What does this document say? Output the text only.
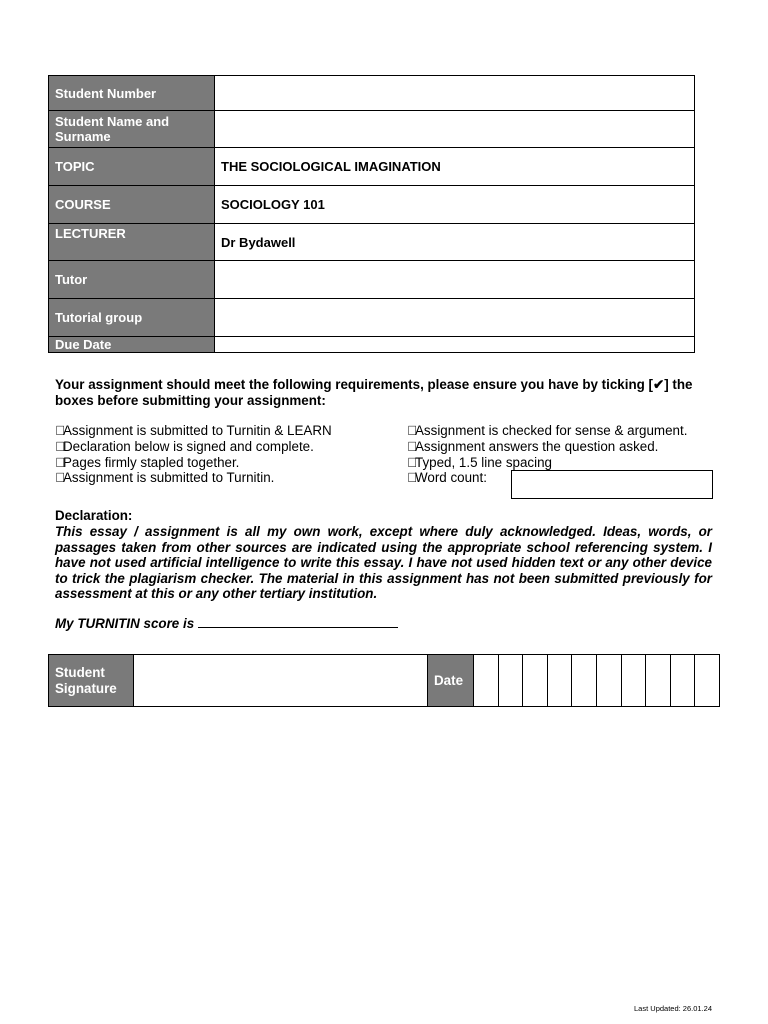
Student Number	
Student Name and Surname	
TOPIC	THE SOCIOLOGICAL IMAGINATION
COURSE	SOCIOLOGY 101
LECTURER	Dr Bydawell
Tutor	
Tutorial group	
Due Date	
Your assignment should meet the following requirements, please ensure you have by ticking [✔] the boxes before submitting your assignment:
Assignment is submitted to Turnitin & LEARN
Declaration below is signed and complete.
Pages firmly stapled together.
Assignment is submitted to Turnitin.
Assignment is checked for sense & argument.
Assignment answers the question asked.
Typed, 1.5 line spacing
Word count:
Declaration:
This essay / assignment is all my own work, except where duly acknowledged. Ideas, words, or passages taken from other sources are indicated using the appropriate school referencing system. I have not used artificial intelligence to write this essay. I have not used hidden text or any other device to trick the plagiarism checker. The material in this assignment has not been submitted previously for assessment at this or any other tertiary institution.
My TURNITIN score is
Student Signature		Date										
Last Updated: 26.01.24
